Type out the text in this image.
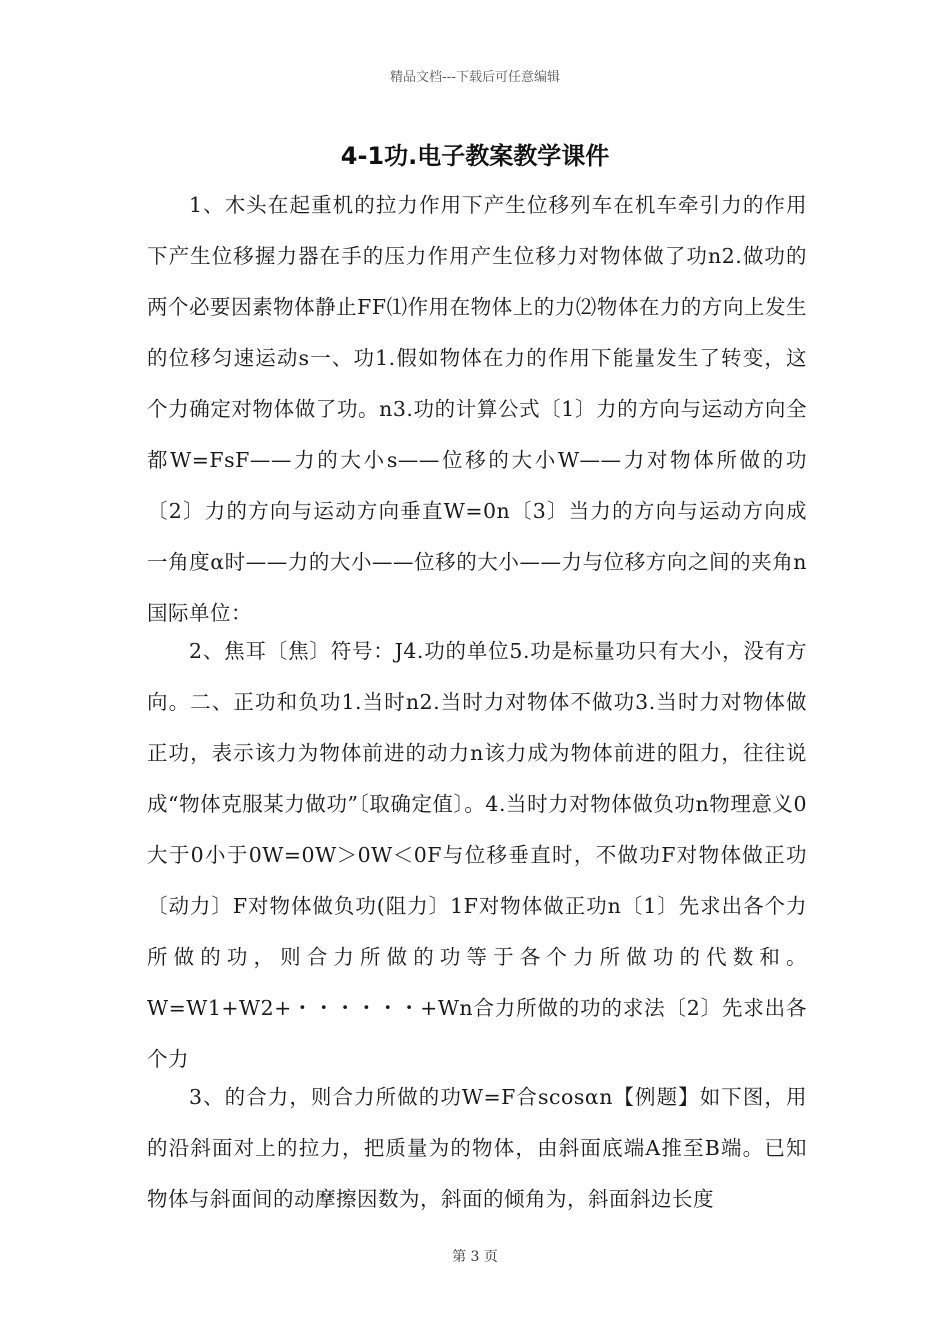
精品文档---下载后可任意编辑
4-1功.电子教案教学课件
1、木头在起重机的拉力作用下产生位移列车在机车牵引力的作用下产生位移握力器在手的压力作用产生位移力对物体做了功n2.做功的两个必要因素物体静止FF⑴作用在物体上的力⑵物体在力的方向上发生的位移匀速运动s一、功1.假如物体在力的作用下能量发生了转变，这个力确定对物体做了功。n3.功的计算公式〔1〕力的方向与运动方向全都W=FsF——力的大小s——位移的大小W——力对物体所做的功〔2〕力的方向与运动方向垂直W=0n〔3〕当力的方向与运动方向成一角度α时——力的大小——位移的大小——力与位移方向之间的夹角n国际单位：
2、焦耳〔焦〕符号：J4.功的单位5.功是标量功只有大小，没有方向。二、正功和负功1.当时n2.当时力对物体不做功3.当时力对物体做正功，表示该力为物体前进的动力n该力成为物体前进的阻力，往往说成“物体克服某力做功”〔取确定值〕。4.当时力对物体做负功n物理意义0大于0小于0W=0W＞0W＜0F与位移垂直时，不做功F对物体做正功〔动力〕F对物体做负功(阻力〕1F对物体做正功n〔1〕先求出各个力所做的功，则合力所做的功等于各个力所做功的代数和。W=W1+W2+・・・・・・+Wn合力所做的功的求法〔2〕先求出各个力
3、的合力，则合力所做的功W=F合scosαn【例题】如下图，用的沿斜面对上的拉力，把质量为的物体，由斜面底端A推至B端。已知物体与斜面间的动摩擦因数为，斜面的倾角为，斜面斜边长度
第 3 页
